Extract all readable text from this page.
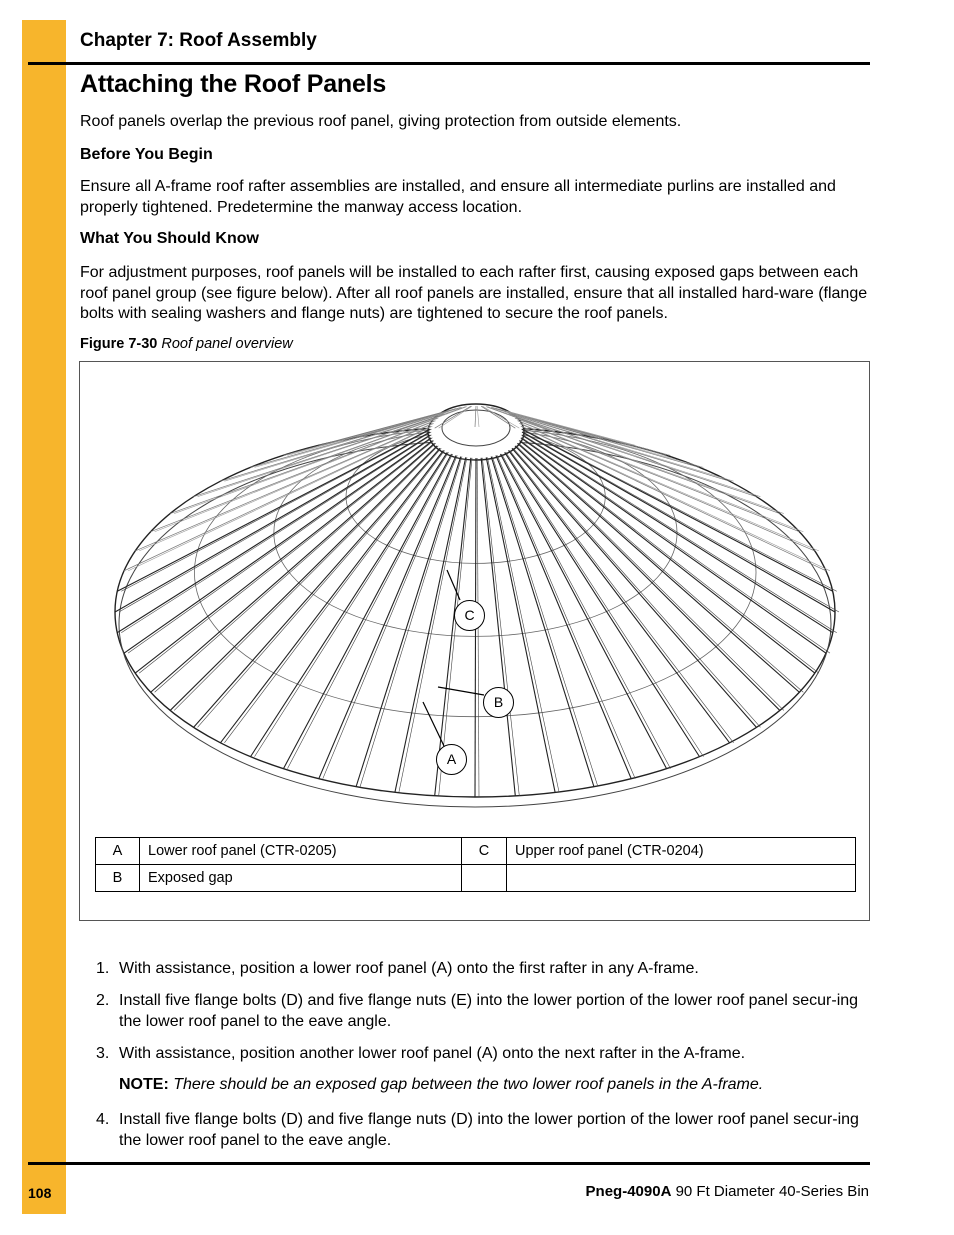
Chapter 7: Roof Assembly
Attaching the Roof Panels
Roof panels overlap the previous roof panel, giving protection from outside elements.
Before You Begin
Ensure all A-frame roof rafter assemblies are installed, and ensure all intermediate purlins are installed and properly tightened. Predetermine the manway access location.
What You Should Know
For adjustment purposes, roof panels will be installed to each rafter first, causing exposed gaps between each roof panel group (see figure below). After all roof panels are installed, ensure that all installed hard-ware (flange bolts with sealing washers and flange nuts) are tightened to secure the roof panels.
Figure 7-30 Roof panel overview
C
B
A
A	Lower roof panel (CTR-0205)	C	Upper roof panel (CTR-0204)
B	Exposed gap		
1. With assistance, position a lower roof panel (A) onto the first rafter in any A-frame.
2. Install five flange bolts (D) and five flange nuts (E) into the lower portion of the lower roof panel secur-ing the lower roof panel to the eave angle.
3. With assistance, position another lower roof panel (A) onto the next rafter in the A-frame.
NOTE: There should be an exposed gap between the two lower roof panels in the A-frame.
4. Install five flange bolts (D) and five flange nuts (D) into the lower portion of the lower roof panel secur-ing the lower roof panel to the eave angle.
108	Pneg-4090A 90 Ft Diameter 40-Series Bin
